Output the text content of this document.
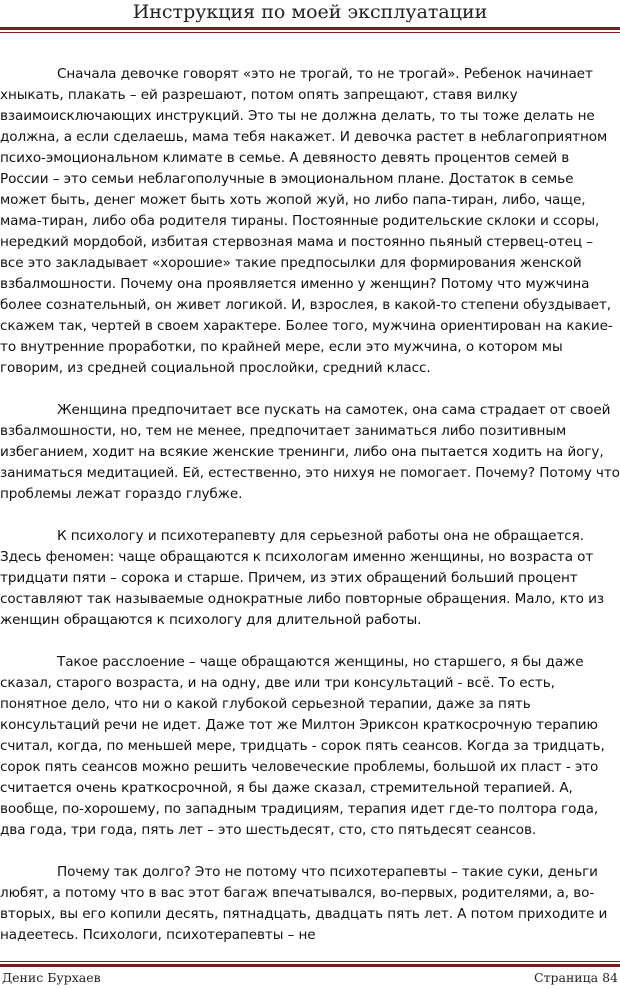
Инструкция по моей эксплуатации

Сначала девочке говорят «это не трогай, то не трогай». Ребенок начинает хныкать, плакать – ей разрешают, потом опять запрещают, ставя вилку взаимоисключающих инструкций. Это ты не должна делать, то ты тоже делать не должна, а если сделаешь, мама тебя накажет. И девочка растет в неблагоприятном психо-эмоциональном климате в семье. А девяносто девять процентов семей в России – это семьи неблагополучные в эмоциональном плане. Достаток в семье может быть, денег может быть хоть жопой жуй, но либо папа-тиран, либо, чаще, мама-тиран, либо оба родителя тираны. Постоянные родительские склоки и ссоры, нередкий мордобой, избитая стервозная мама и постоянно пьяный стервец-отец – все это закладывает «хорошие» такие предпосылки для формирования женской взбалмошности. Почему она проявляется именно у женщин? Потому что мужчина более сознательный, он живет логикой. И, взрослея, в какой-то степени обуздывает, скажем так, чертей в своем характере. Более того, мужчина ориентирован на какие-то внутренние проработки, по крайней мере, если это мужчина, о котором мы говорим, из средней социальной прослойки, средний класс.

Женщина предпочитает все пускать на самотек, она сама страдает от своей взбалмошности, но, тем не менее, предпочитает заниматься либо позитивным избеганием, ходит на всякие женские тренинги, либо она пытается ходить на йогу, заниматься медитацией. Ей, естественно, это нихуя не помогает. Почему? Потому что проблемы лежат гораздо глубже.

К психологу и психотерапевту для серьезной работы она не обращается. Здесь феномен: чаще обращаются к психологам именно женщины, но возраста от тридцати пяти – сорока и старше. Причем, из этих обращений больший процент составляют так называемые однократные либо повторные обращения. Мало, кто из женщин обращаются к психологу для длительной работы.

Такое расслоение – чаще обращаются женщины, но старшего, я бы даже сказал, старого возраста, и на одну, две или три консультаций - всё. То есть, понятное дело, что ни о какой глубокой серьезной терапии, даже за пять консультаций речи не идет. Даже тот же Милтон Эриксон краткосрочную терапию считал, когда, по меньшей мере, тридцать - сорок пять сеансов. Когда за тридцать, сорок пять сеансов можно решить человеческие проблемы, большой их пласт - это считается очень краткосрочной, я бы даже сказал, стремительной терапией. А, вообще, по-хорошему, по западным традициям, терапия идет где-то полтора года, два года, три года, пять лет – это шестьдесят, сто, сто пятьдесят сеансов.

Почему так долго? Это не потому что психотерапевты – такие суки, деньги любят, а потому что в вас этот багаж впечатывался, во-первых, родителями, а, во-вторых, вы его копили десять, пятнадцать, двадцать пять лет. А потом приходите и надеетесь. Психологи, психотерапевты – не

Денис Бурхаев	Страница 84
